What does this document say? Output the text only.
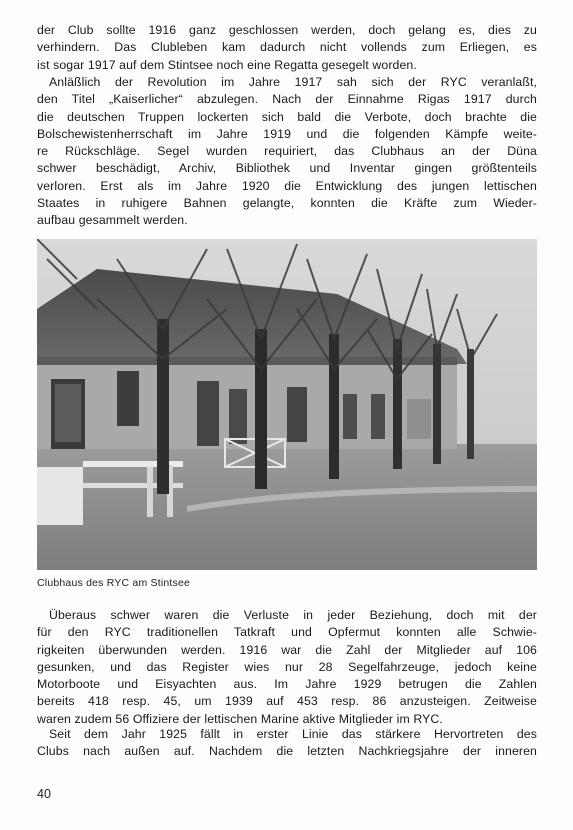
der Club sollte 1916 ganz geschlossen werden, doch gelang es, dies zu
verhindern. Das Clubleben kam dadurch nicht vollends zum Erliegen, es
ist sogar 1917 auf dem Stintsee noch eine Regatta gesegelt worden.
Anläßlich der Revolution im Jahre 1917 sah sich der RYC veranlaßt,
den Titel „Kaiserlicher“ abzulegen. Nach der Einnahme Rigas 1917 durch
die deutschen Truppen lockerten sich bald die Verbote, doch brachte die
Bolschewistenherrschaft im Jahre 1919 und die folgenden Kämpfe weite-
re Rückschläge. Segel wurden requiriert, das Clubhaus an der Düna
schwer beschädigt, Archiv, Bibliothek und Inventar gingen größtenteils
verloren. Erst als im Jahre 1920 die Entwicklung des jungen lettischen
Staates in ruhigere Bahnen gelangte, konnten die Kräfte zum Wieder-
aufbau gesammelt werden.
Clubhaus des RYC am Stintsee
Überaus schwer waren die Verluste in jeder Beziehung, doch mit der
für den RYC traditionellen Tatkraft und Opfermut konnten alle Schwie-
rigkeiten überwunden werden. 1916 war die Zahl der Mitglieder auf 106
gesunken, und das Register wies nur 28 Segelfahrzeuge, jedoch keine
Motorboote und Eisyachten aus. Im Jahre 1929 betrugen die Zahlen
bereits 418 resp. 45, um 1939 auf 453 resp. 86 anzusteigen. Zeitweise
waren zudem 56 Offiziere der lettischen Marine aktive Mitglieder im RYC.
Seit dem Jahr 1925 fällt in erster Linie das stärkere Hervortreten des
Clubs nach außen auf. Nachdem die letzten Nachkriegsjahre der inneren
40
